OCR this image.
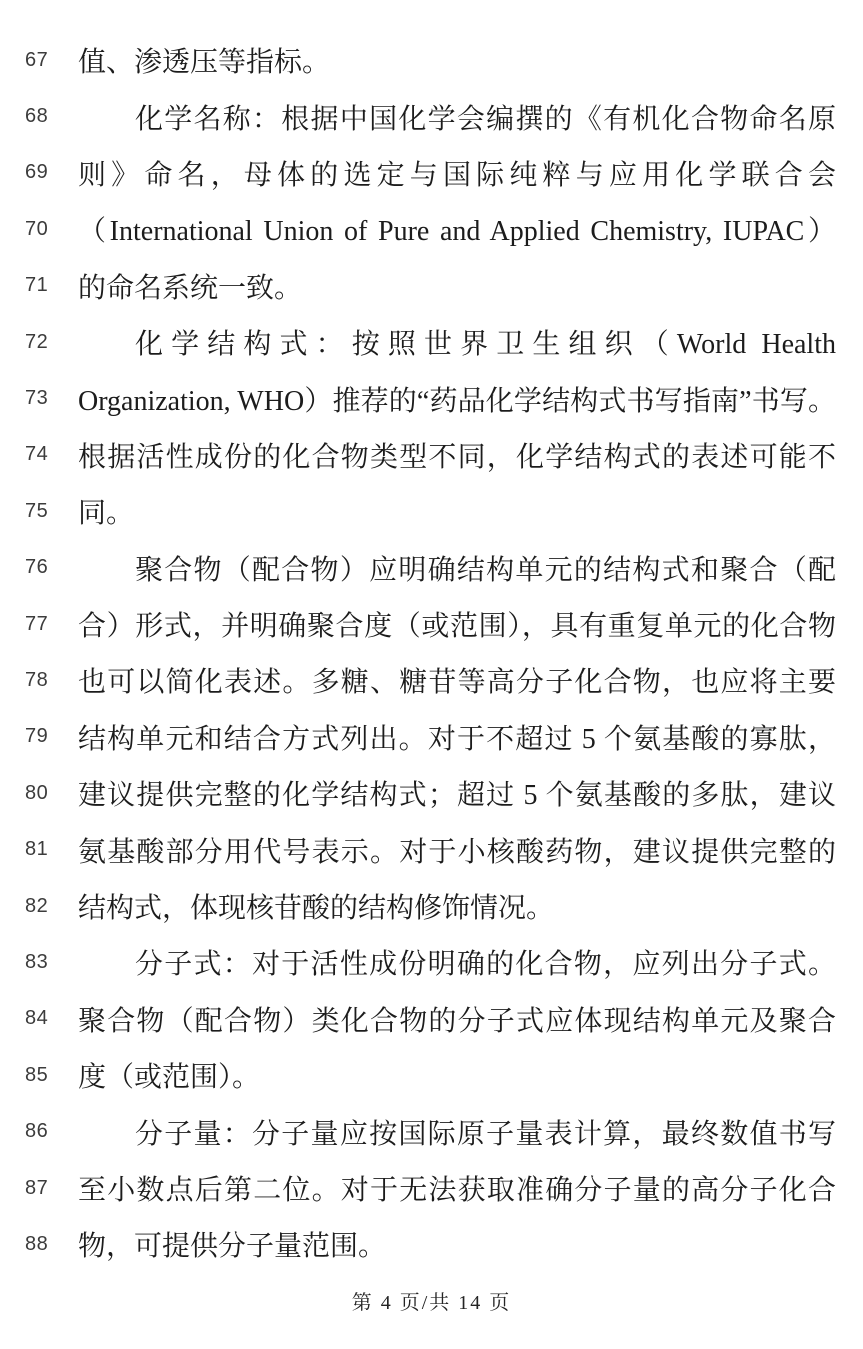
67	值、渗透压等指标。
68	化学名称：根据中国化学会编撰的《有机化合物命名原
69	则》命名，母体的选定与国际纯粹与应用化学联合会
70	（International Union of Pure and Applied Chemistry, IUPAC）
71	的命名系统一致。
72	化学结构式：按照世界卫生组织（World Health
73	Organization, WHO）推荐的“药品化学结构式书写指南”书写。
74	根据活性成份的化合物类型不同，化学结构式的表述可能不
75	同。
76	聚合物（配合物）应明确结构单元的结构式和聚合（配
77	合）形式，并明确聚合度（或范围），具有重复单元的化合物
78	也可以简化表述。多糖、糖苷等高分子化合物，也应将主要
79	结构单元和结合方式列出。对于不超过 5 个氨基酸的寡肽，
80	建议提供完整的化学结构式；超过 5 个氨基酸的多肽，建议
81	氨基酸部分用代号表示。对于小核酸药物，建议提供完整的
82	结构式，体现核苷酸的结构修饰情况。
83	分子式：对于活性成份明确的化合物，应列出分子式。
84	聚合物（配合物）类化合物的分子式应体现结构单元及聚合
85	度（或范围）。
86	分子量：分子量应按国际原子量表计算，最终数值书写
87	至小数点后第二位。对于无法获取准确分子量的高分子化合
88	物，可提供分子量范围。
第 4 页/共 14 页
